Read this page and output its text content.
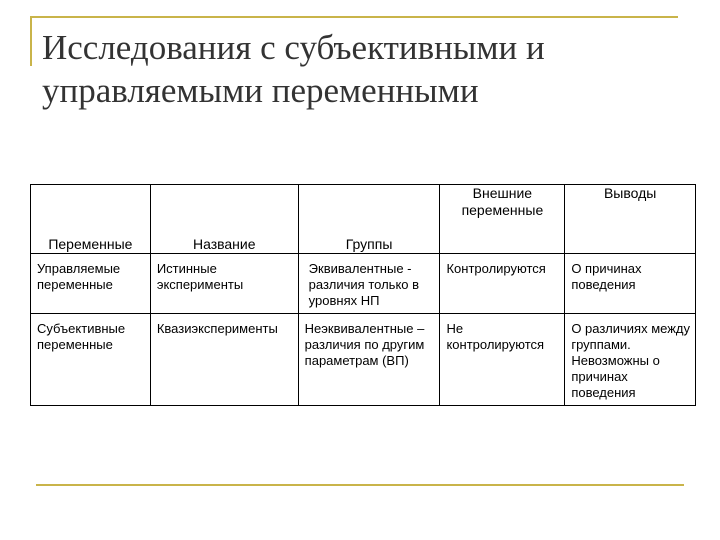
Исследования с субъективными и
управляемыми переменными
Переменные	Название	Группы	Внешние переменные	Выводы
Управляемые переменные	Истинные эксперименты	Эквивалентные - различия только в уровнях НП	Контролируются	О причинах поведения
Субъективные переменные	Квазиэксперименты	Неэквивалентные – различия по другим параметрам (ВП)	Не контролируются	О различиях между группами. Невозможны о причинах поведения
